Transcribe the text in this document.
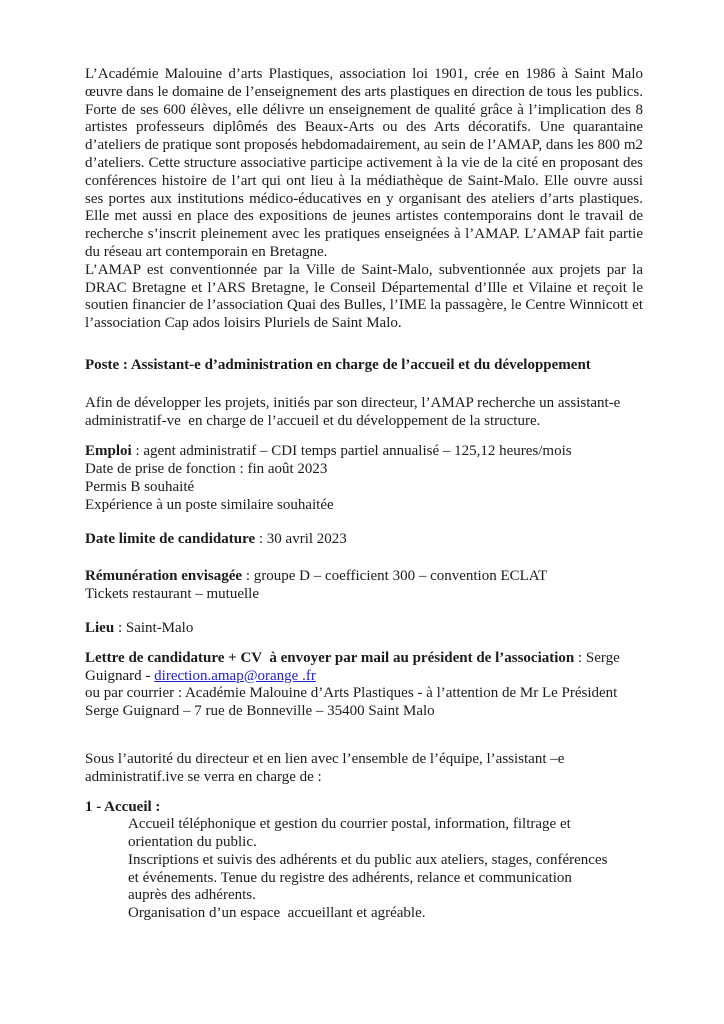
L’Académie Malouine d’arts Plastiques, association loi 1901, crée en 1986 à Saint Malo œuvre dans le domaine de l’enseignement des arts plastiques en direction de tous les publics. Forte de ses 600 élèves, elle délivre un enseignement de qualité grâce à l’implication des 8 artistes professeurs diplômés des Beaux-Arts ou des Arts décoratifs. Une quarantaine d’ateliers de pratique sont proposés hebdomadairement, au sein de l’AMAP, dans les 800 m2 d’ateliers. Cette structure associative participe activement à la vie de la cité en proposant des conférences histoire de l’art qui ont lieu à la médiathèque de Saint-Malo. Elle ouvre aussi ses portes aux institutions médico-éducatives en y organisant des ateliers d’arts plastiques. Elle met aussi en place des expositions de jeunes artistes contemporains dont le travail de recherche s’inscrit pleinement avec les pratiques enseignées à l’AMAP. L’AMAP fait partie du réseau art contemporain en Bretagne.

L’AMAP est conventionnée par la Ville de Saint-Malo, subventionnée aux projets par la DRAC Bretagne et l’ARS Bretagne, le Conseil Départemental d’Ille et Vilaine et reçoit le soutien financier de l’association Quai des Bulles, l’IME la passagère, le Centre Winnicott et l’association Cap ados loisirs Pluriels de Saint Malo.

Poste : Assistant-e d’administration en charge de l’accueil et du développement

Afin de développer les projets, initiés par son directeur, l’AMAP recherche un assistant-e

administratif-ve  en charge de l’accueil et du développement de la structure.

Emploi : agent administratif – CDI temps partiel annualisé – 125,12 heures/mois

Date de prise de fonction : fin août 2023

Permis B souhaité

Expérience à un poste similaire souhaitée

Date limite de candidature : 30 avril 2023

Rémunération envisagée : groupe D – coefficient 300 – convention ECLAT

Tickets restaurant – mutuelle

Lieu : Saint-Malo

Lettre de candidature + CV  à envoyer par mail au président de l’association : Serge

Guignard - direction.amap@orange .fr

ou par courrier : Académie Malouine d’Arts Plastiques - à l’attention de Mr Le Président

Serge Guignard – 7 rue de Bonneville – 35400 Saint Malo

Sous l’autorité du directeur et en lien avec l’ensemble de l’équipe, l’assistant –e

administratif.ive se verra en charge de :

1 - Accueil :

Accueil téléphonique et gestion du courrier postal, information, filtrage et

orientation du public.

Inscriptions et suivis des adhérents et du public aux ateliers, stages, conférences

et événements. Tenue du registre des adhérents, relance et communication

auprès des adhérents.

Organisation d’un espace  accueillant et agréable.
